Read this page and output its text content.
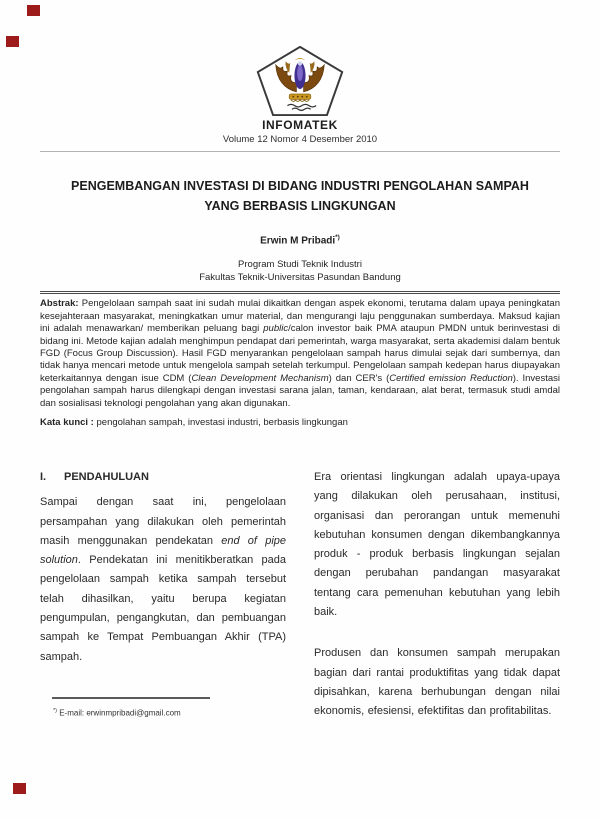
INFOMATEK
Volume 12 Nomor 4 Desember 2010
PENGEMBANGAN INVESTASI DI BIDANG INDUSTRI PENGOLAHAN SAMPAH
YANG BERBASIS LINGKUNGAN
Erwin M Pribadi*)
Program Studi Teknik Industri
Fakultas Teknik-Universitas Pasundan Bandung

Abstrak: Pengelolaan sampah saat ini sudah mulai dikaitkan dengan aspek ekonomi, terutama dalam upaya peningkatan kesejahteraan masyarakat, meningkatkan umur material, dan mengurangi laju penggunakan sumberdaya. Maksud kajian ini adalah menawarkan/ memberikan peluang bagi public/calon investor baik PMA ataupun PMDN untuk berinvestasi di bidang ini. Metode kajian adalah menghimpun pendapat dari pemerintah, warga masyarakat, serta akademisi dalam bentuk FGD (Focus Group Discussion). Hasil FGD menyarankan pengelolaan sampah harus dimulai sejak dari sumbernya, dan tidak hanya mencari metode untuk mengelola sampah setelah terkumpul. Pengelolaan sampah kedepan harus diupayakan keterkaitannya dengan isue CDM (Clean Development Mechanism) dan CER's (Certified emission Reduction). Investasi pengolahan sampah harus dilengkapi dengan investasi sarana jalan, taman, kendaraan, alat berat, termasuk studi amdal dan sosialisasi teknologi pengolahan yang akan digunakan.

Kata kunci : pengolahan sampah, investasi industri, berbasis lingkungan

I. PENDAHULUAN

Sampai dengan saat ini, pengelolaan persampahan yang dilakukan oleh pemerintah masih menggunakan pendekatan end of pipe solution. Pendekatan ini menitikberatkan pada pengelolaan sampah ketika sampah tersebut telah dihasilkan, yaitu berupa kegiatan pengumpulan, pengangkutan, dan pembuangan sampah ke Tempat Pembuangan Akhir (TPA) sampah.

*) E-mail: erwinmpribadi@gmail.com

Era orientasi lingkungan adalah upaya-upaya yang dilakukan oleh perusahaan, institusi, organisasi dan perorangan untuk memenuhi kebutuhan konsumen dengan dikembangkannya produk - produk berbasis lingkungan sejalan dengan perubahan pandangan masyarakat tentang cara pemenuhan kebutuhan yang lebih baik.

Produsen dan konsumen sampah merupakan bagian dari rantai produktifitas yang tidak dapat dipisahkan, karena berhubungan dengan nilai ekonomis, efesiensi, efektifitas dan profitabilitas.
